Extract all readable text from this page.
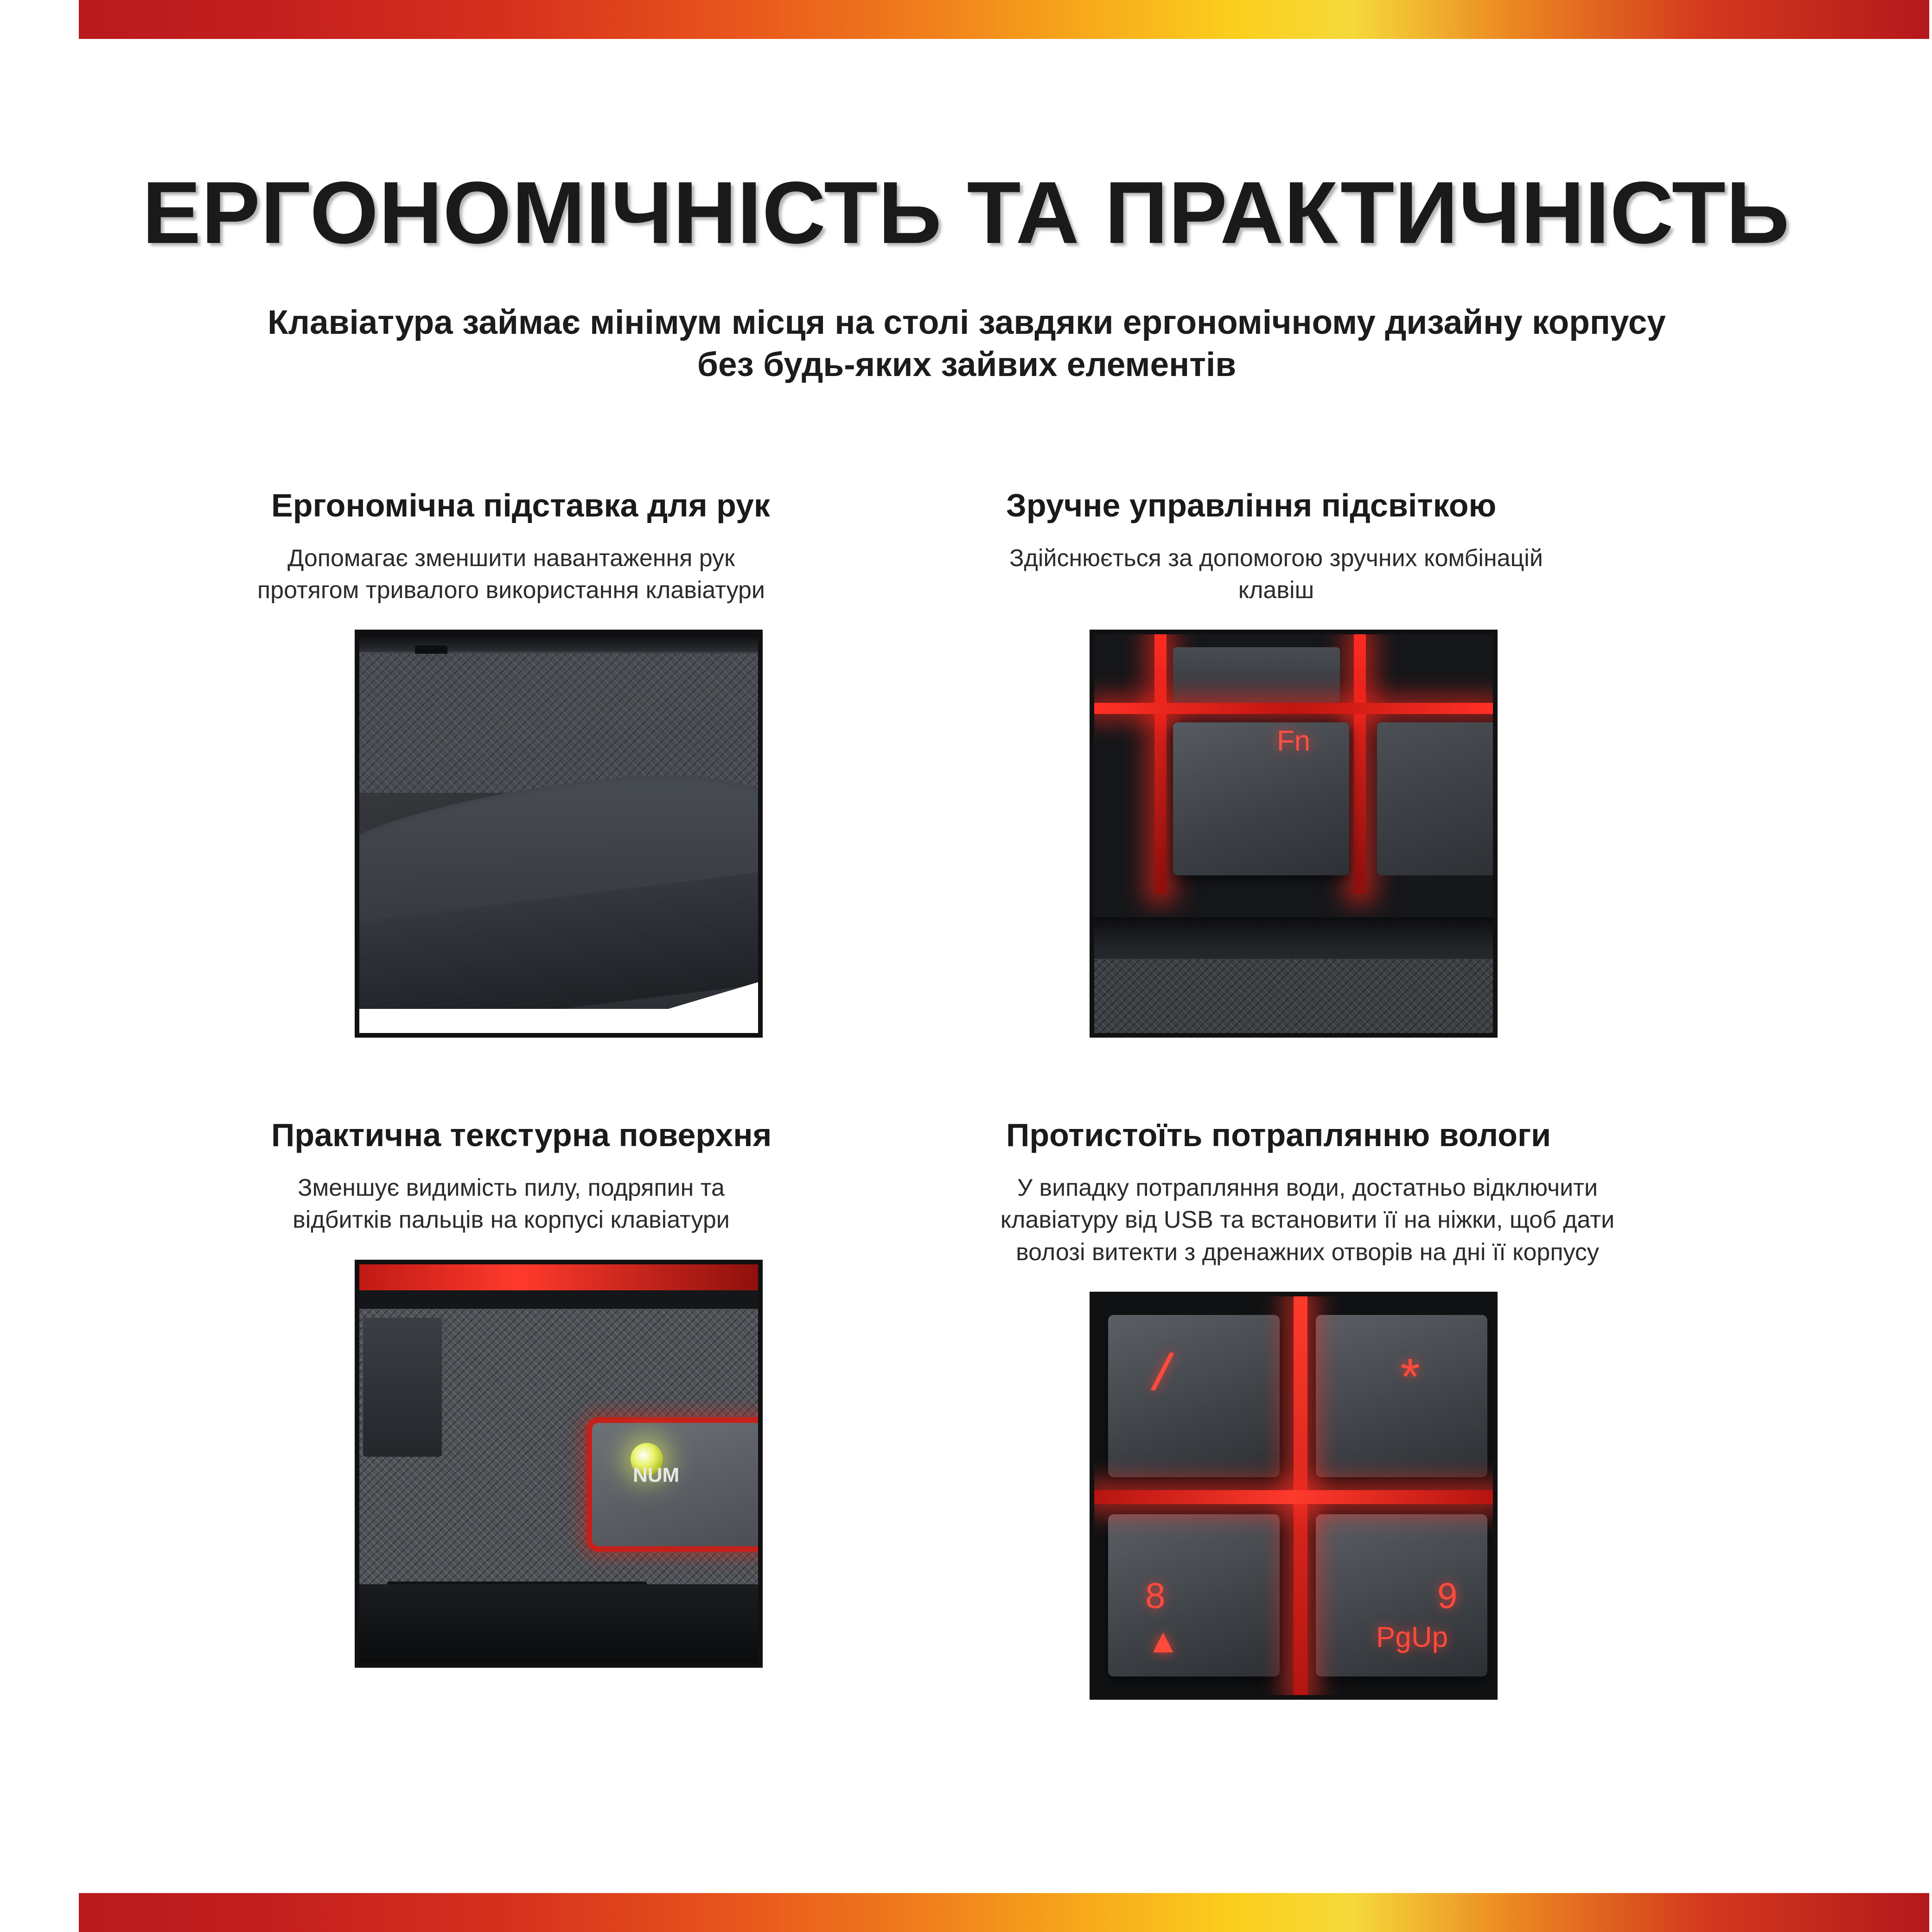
ЕРГОНОМІЧНІСТЬ ТА ПРАКТИЧНІСТЬ
Клавіатура займає мінімум місця на столі завдяки ергономічному дизайну корпусу без будь-яких зайвих елементів
Ергономічна підставка для рук
Допомагає зменшити навантаження рук протягом тривалого використання клавіатури
Зручне управління підсвіткою
Здійснюється за допомогою зручних комбінацій клавіш
Fn
Практична текстурна поверхня
Зменшує видимість пилу, подряпин та відбитків пальців на корпусі клавіатури
NUM
Протистоїть потраплянню вологи
У випадку потрапляння води, достатньо відключити клавіатуру від USB та встановити її на ніжки, щоб дати волозі витекти з дренажних отворів на дні її корпусу
/	*
8
▲
9
PgUp
